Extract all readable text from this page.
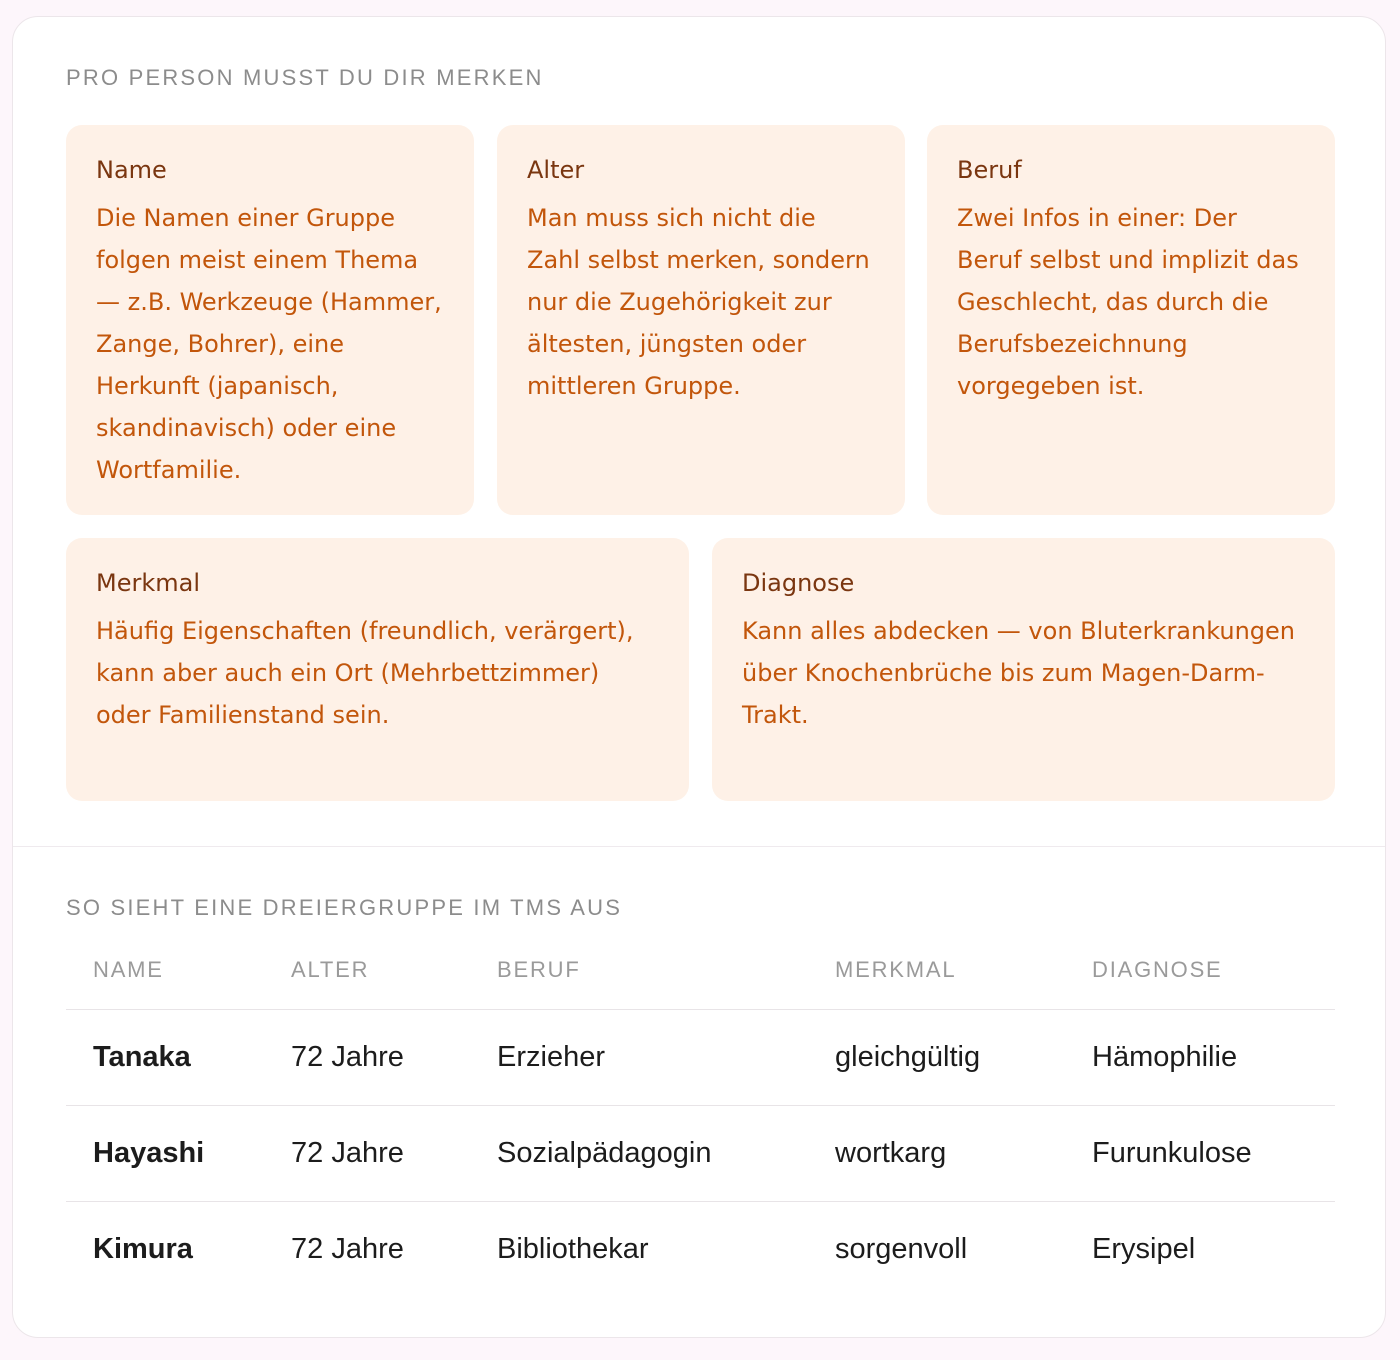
PRO PERSON MUSST DU DIR MERKEN
Name

Die Namen einer Gruppe folgen meist einem Thema — z.B. Werkzeuge (Hammer, Zange, Bohrer), eine Herkunft (japanisch, skandinavisch) oder eine Wortfamilie.

Alter

Man muss sich nicht die Zahl selbst merken, sondern nur die Zugehörigkeit zur ältesten, jüngsten oder mittleren Gruppe.

Beruf

Zwei Infos in einer: Der Beruf selbst und implizit das Geschlecht, das durch die Berufsbezeichnung vorgegeben ist.

Merkmal

Häufig Eigenschaften (freundlich, verärgert), kann aber auch ein Ort (Mehrbettzimmer) oder Familienstand sein.

Diagnose

Kann alles abdecken — von Bluterkrankungen über Knochenbrüche bis zum Magen-Darm-Trakt.

SO SIEHT EINE DREIERGRUPPE IM TMS AUS
NAME	ALTER	BERUF	MERKMAL	DIAGNOSE
Tanaka	72 Jahre	Erzieher	gleichgültig	Hämophilie
Hayashi	72 Jahre	Sozialpädagogin	wortkarg	Furunkulose
Kimura	72 Jahre	Bibliothekar	sorgenvoll	Erysipel
